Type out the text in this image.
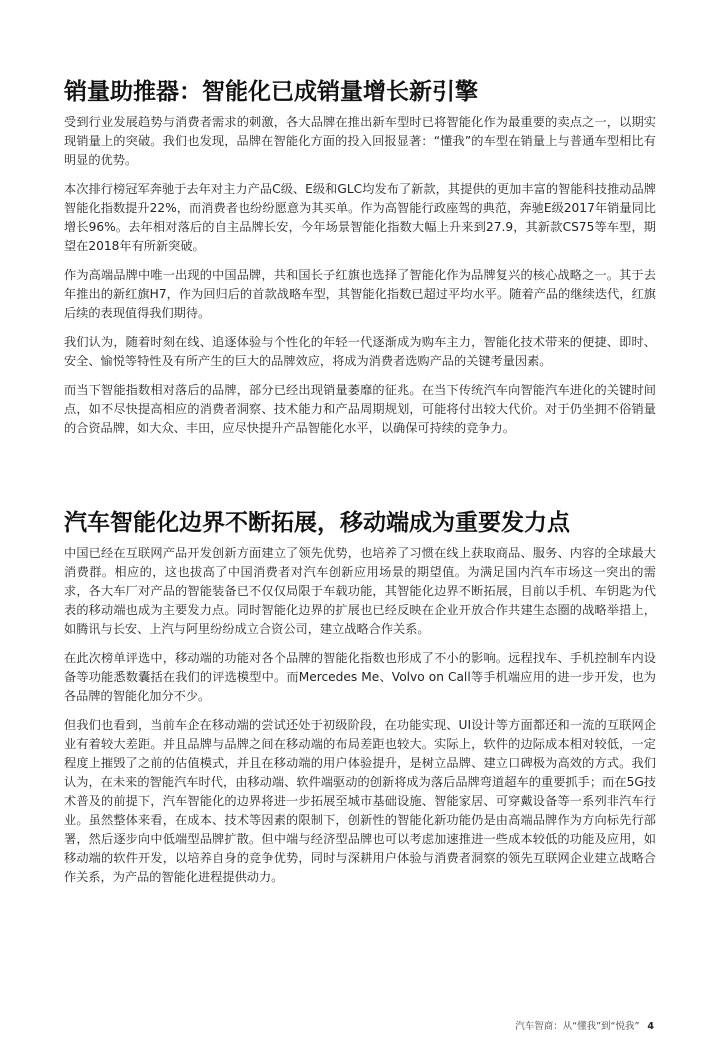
销量助推器：智能化已成销量增长新引擎

受到行业发展趋势与消费者需求的刺激，各大品牌在推出新车型时已将智能化作为最重要的卖点之一，以期实现销量上的突破。我们也发现，品牌在智能化方面的投入回报显著：“懂我”的车型在销量上与普通车型相比有明显的优势。

本次排行榜冠军奔驰于去年对主力产品C级、E级和GLC均发布了新款，其提供的更加丰富的智能科技推动品牌智能化指数提升22%，而消费者也纷纷愿意为其买单。作为高智能行政座驾的典范，奔驰E级2017年销量同比增长96%。去年相对落后的自主品牌长安，今年场景智能化指数大幅上升来到27.9，其新款CS75等车型，期望在2018年有所新突破。

作为高端品牌中唯一出现的中国品牌，共和国长子红旗也选择了智能化作为品牌复兴的核心战略之一。其于去年推出的新红旗H7，作为回归后的首款战略车型，其智能化指数已超过平均水平。随着产品的继续迭代，红旗后续的表现值得我们期待。

我们认为，随着时刻在线、追逐体验与个性化的年轻一代逐渐成为购车主力，智能化技术带来的便捷、即时、安全、愉悦等特性及有所产生的巨大的品牌效应，将成为消费者选购产品的关键考量因素。

而当下智能指数相对落后的品牌，部分已经出现销量萎靡的征兆。在当下传统汽车向智能汽车进化的关键时间点，如不尽快提高相应的消费者洞察、技术能力和产品周期规划，可能将付出较大代价。对于仍坐拥不俗销量的合资品牌，如大众、丰田，应尽快提升产品智能化水平，以确保可持续的竞争力。

汽车智能化边界不断拓展，移动端成为重要发力点

中国已经在互联网产品开发创新方面建立了领先优势，也培养了习惯在线上获取商品、服务、内容的全球最大消费群。相应的，这也拔高了中国消费者对汽车创新应用场景的期望值。为满足国内汽车市场这一突出的需求，各大车厂对产品的智能装备已不仅仅局限于车载功能，其智能化边界不断拓展，目前以手机、车钥匙为代表的移动端也成为主要发力点。同时智能化边界的扩展也已经反映在企业开放合作共建生态圈的战略举措上，如腾讯与长安、上汽与阿里纷纷成立合资公司，建立战略合作关系。

在此次榜单评选中，移动端的功能对各个品牌的智能化指数也形成了不小的影响。远程找车、手机控制车内设备等功能悉数囊括在我们的评选模型中。而Mercedes Me、Volvo on Call等手机端应用的进一步开发，也为各品牌的智能化加分不少。

但我们也看到，当前车企在移动端的尝试还处于初级阶段，在功能实现、UI设计等方面都还和一流的互联网企业有着较大差距。并且品牌与品牌之间在移动端的布局差距也较大。实际上，软件的边际成本相对较低，一定程度上摧毁了之前的估值模式，并且在移动端的用户体验提升，是树立品牌、建立口碑极为高效的方式。我们认为，在未来的智能汽车时代，由移动端、软件端驱动的创新将成为落后品牌弯道超车的重要抓手；而在5G技术普及的前提下，汽车智能化的边界将进一步拓展至城市基础设施、智能家居、可穿戴设备等一系列非汽车行业。虽然整体来看，在成本、技术等因素的限制下，创新性的智能化新功能仍是由高端品牌作为方向标先行部署，然后逐步向中低端型品牌扩散。但中端与经济型品牌也可以考虑加速推进一些成本较低的功能及应用，如移动端的软件开发，以培养自身的竞争优势，同时与深耕用户体验与消费者洞察的领先互联网企业建立战略合作关系，为产品的智能化进程提供动力。

汽车智商：从“懂我”到“悦我” 4
